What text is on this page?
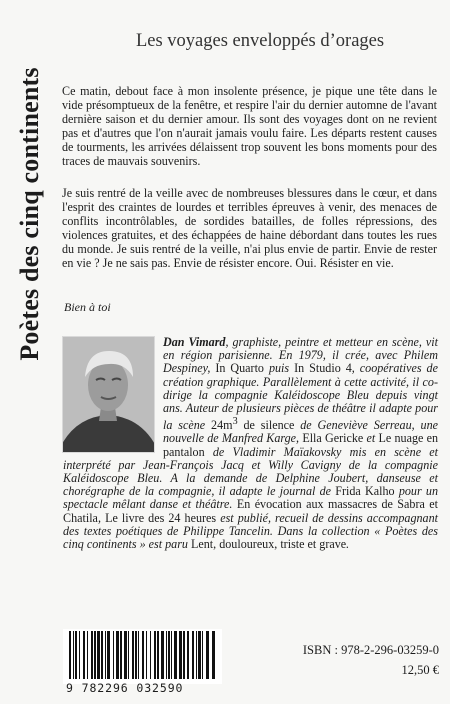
Poètes des cinq continents
Les voyages enveloppés d’orages
Ce matin, debout face à mon insolente présence, je pique une tête dans le vide présomptueux de la fenêtre, et respire l'air du dernier automne de l'avant dernière saison et du dernier amour. Ils sont des voyages dont on ne revient pas et d'autres que l'on n'aurait jamais voulu faire. Les départs restent causes de tourments, les arrivées délaissent trop souvent les bons moments pour des traces de mauvais souvenirs.
Je suis rentré de la veille avec de nombreuses blessures dans le cœur, et dans l'esprit des craintes de lourdes et terribles épreuves à venir, des menaces de conflits incontrôlables, de sordides batailles, de folles répressions, des violences gratuites, et des échappées de haine débordant dans toutes les rues du monde. Je suis rentré de la veille, n'ai plus envie de partir. Envie de rester en vie ? Je ne sais pas. Envie de résister encore. Oui. Résister en vie.
Bien à toi
Dan Vimard, graphiste, peintre et metteur en scène, vit en région parisienne. En 1979, il crée, avec Philem Despiney, In Quarto puis In Studio 4, coopératives de création graphique. Parallèlement à cette activité, il co-dirige la compagnie Kaléidoscope Bleu depuis vingt ans. Auteur de plusieurs pièces de théâtre il adapte pour la scène $24m^3$ de silence de Geneviève Serreau, une nouvelle de Manfred Karge, Ella Gericke et Le nuage en pantalon de Vladimir Maïakovsky mis en scène et interprété par Jean-François Jacq et Willy Cavigny de la compagnie Kaléidoscope Bleu. A la demande de Delphine Joubert, danseuse et chorégraphe de la compagnie, il adapte le journal de Frida Kalho pour un spectacle mêlant danse et théâtre. En évocation aux massacres de Sabra et Chatila, Le livre des 24 heures est publié, recueil de dessins accompagnant des textes poétiques de Philippe Tancelin. Dans la collection « Poètes des cinq continents » est paru Lent, douloureux, triste et grave.
9 782296 032590
ISBN : 978-2-296-03259-0
12,50 €
